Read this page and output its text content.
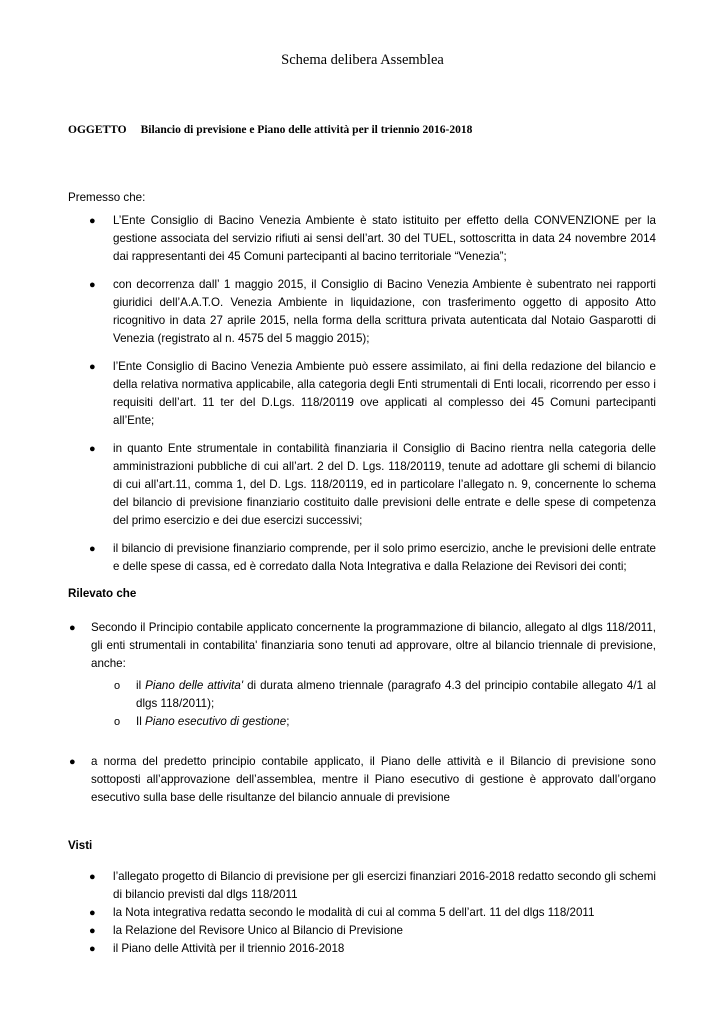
Schema delibera Assemblea
OGGETTO Bilancio di previsione e Piano delle attività per il triennio 2016-2018
Premesso che:
● L’Ente Consiglio di Bacino Venezia Ambiente è stato istituito per effetto della CONVENZIONE per la gestione associata del servizio rifiuti ai sensi dell’art. 30 del TUEL, sottoscritta in data 24 novembre 2014 dai rappresentanti dei 45 Comuni partecipanti al bacino territoriale “Venezia”;
● con decorrenza dall’ 1 maggio 2015, il Consiglio di Bacino Venezia Ambiente è subentrato nei rapporti giuridici dell’A.A.T.O. Venezia Ambiente in liquidazione, con trasferimento oggetto di apposito Atto ricognitivo in data 27 aprile 2015, nella forma della scrittura privata autenticata dal Notaio Gasparotti di Venezia (registrato al n. 4575 del 5 maggio 2015);
● l’Ente Consiglio di Bacino Venezia Ambiente può essere assimilato, ai fini della redazione del bilancio e della relativa normativa applicabile, alla categoria degli Enti strumentali di Enti locali, ricorrendo per esso i requisiti dell’art. 11 ter del D.Lgs. 118/20119 ove applicati al complesso dei 45 Comuni partecipanti all’Ente;
● in quanto Ente strumentale in contabilità finanziaria il Consiglio di Bacino rientra nella categoria delle amministrazioni pubbliche di cui all’art. 2 del D. Lgs. 118/20119, tenute ad adottare gli schemi di bilancio di cui all’art.11, comma 1, del D. Lgs. 118/20119, ed in particolare l’allegato n. 9, concernente lo schema del bilancio di previsione finanziario costituito dalle previsioni delle entrate e delle spese di competenza del primo esercizio e dei due esercizi successivi;
● il bilancio di previsione finanziario comprende, per il solo primo esercizio, anche le previsioni delle entrate e delle spese di cassa, ed è corredato dalla Nota Integrativa e dalla Relazione dei Revisori dei conti;
Rilevato che
● Secondo il Principio contabile applicato concernente la programmazione di bilancio, allegato al dlgs 118/2011, gli enti strumentali in contabilita' finanziaria sono tenuti ad approvare, oltre al bilancio triennale di previsione, anche:
o il Piano delle attivita' di durata almeno triennale (paragrafo 4.3 del principio contabile allegato 4/1 al dlgs 118/2011);
o Il Piano esecutivo di gestione;
● a norma del predetto principio contabile applicato, il Piano delle attività e il Bilancio di previsione sono sottoposti all’approvazione dell’assemblea, mentre il Piano esecutivo di gestione è approvato dall’organo esecutivo sulla base delle risultanze del bilancio annuale di previsione
Visti
● l’allegato progetto di Bilancio di previsione per gli esercizi finanziari 2016-2018 redatto secondo gli schemi di bilancio previsti dal dlgs 118/2011
● la Nota integrativa redatta secondo le modalità di cui al comma 5 dell’art. 11 del dlgs 118/2011
● la Relazione del Revisore Unico al Bilancio di Previsione
● il Piano delle Attività per il triennio 2016-2018
